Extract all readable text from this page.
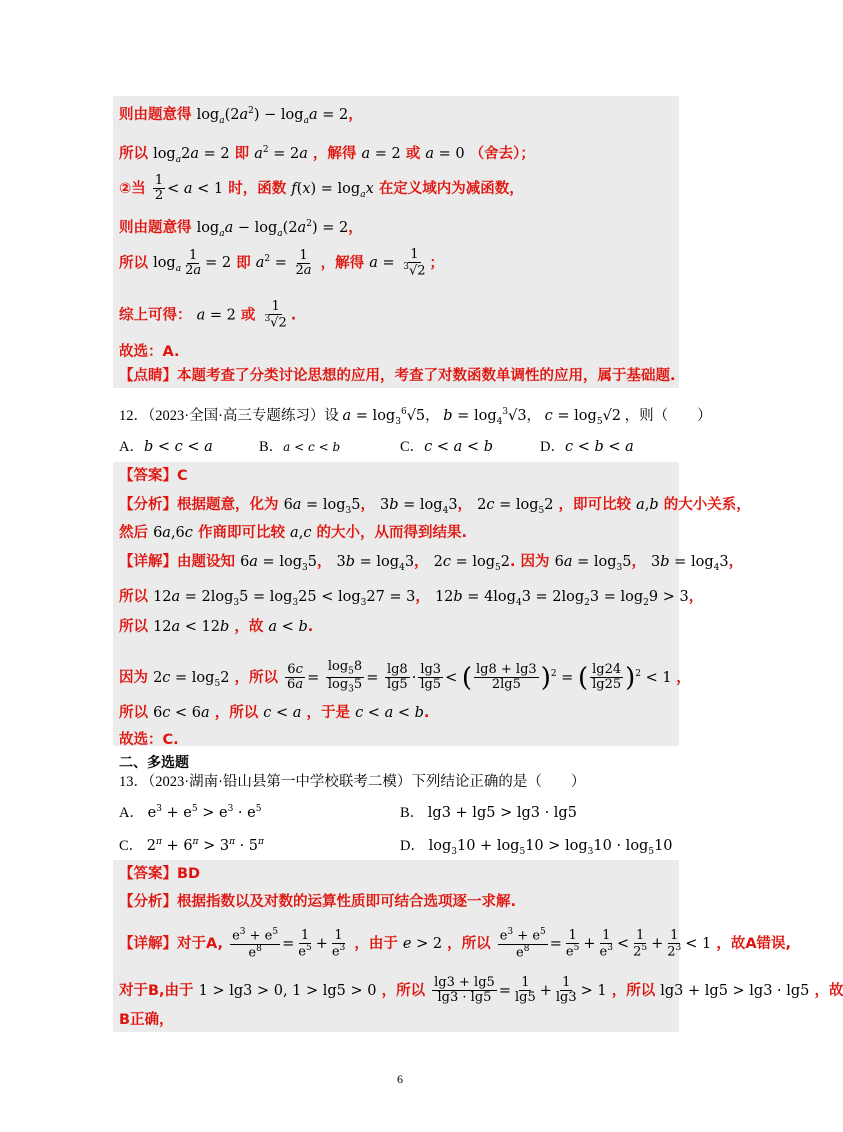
则由题意得 $\log_a(2a^2) - \log_aa = 2$，
所以 $\log_a2a = 2$ 即 $a^2 = 2a$ ，解得 a = 2 或 a = 0 （舍去）；
②当 $\frac{1}{2} < a < 1$ 时，函数 $f(x) = \log_ax$ 在定义域内为减函数，
则由题意得 $\log_aa - \log_a(2a^2) = 2$，
所以 $\log_a \frac{1}{2a} = 2$ 即 $a^2 = \frac{1}{2a}$ ，解得 $a = \frac{1}{^3√2}$ ；
综上可得： a = 2 或 $\frac{1}{^3√2}$ .
故选：A.
【点睛】本题考查了分类讨论思想的应用，考查了对数函数单调性的应用，属于基础题.
12．（2023·全国·高三专题练习）设 $a = \log_3^6√5$， $b = \log_4^3√3$， $c = \log_5√2$ ，则（　　）
A．b < c < a	B．a < c < b	C．c < a < b	D．c < b < a
【答案】C
【分析】根据题意，化为 $6a = \log_35$， $3b = \log_43$， $2c = \log_52$ ，即可比较 a,b 的大小关系，
然后 6a,6c 作商即可比较 a,c 的大小，从而得到结果.
【详解】由题设知 $6a = \log_35$， $3b = \log_43$， $2c = \log_52$. 因为 $6a = \log_35$， $3b = \log_43$，
所以 $12a = 2\log_35 = \log_325 < \log_327 = 3$， $12b = 4\log_43 = 2\log_23 = \log_29 > 3$，
所以 12a < 12b ，故 a < b.
因为 $2c = \log_52$ ，所以 $\frac{6c}{6a} = \frac{\log_58}{\log_35} = \frac{\lg 8}{\lg 5} \cdot \frac{\lg 3}{\lg 5}$ < ( $\frac{\lg 8 + \lg 3}{2\lg 5} )^2$ = ( $\frac{\lg 24}{\lg 25} )^2 < 1$ ，
所以 6c < 6a ，所以 c < a ，于是 c < a < b.
故选：C.
二、多选题
13．（2023·湖南·铅山县第一中学校联考二模）下列结论正确的是（　　）
A． $e^3 + e^5 > e^3 \cdot e^5$	B． lg3 + lg5 > lg3 · lg5
C． $2^\pi + 6^\pi > 3^\pi \cdot 5^\pi$	D． $\log_310 + \log_510 > \log_310 \cdot \log_510$
【答案】BD
【分析】根据指数以及对数的运算性质即可结合选项逐一求解.
【详解】对于A, $\frac{e^3 + e^5}{e^8} = \frac{1}{e^5} + \frac{1}{e^3}$ ，由于 e > 2 ，所以 $\frac{e^3 + e^5}{e^8} = \frac{1}{e^5} + \frac{1}{e^3} < \frac{1}{2^5} + \frac{1}{2^3} < 1$ ，故A错误,
对于B,由于 1 > lg3 > 0, 1 > lg5 > 0 ，所以 $\frac{\lg 3 + \lg 5}{\lg 3 \cdot \lg 5} = \frac{1}{\lg 5} + \frac{1}{\lg 3} > 1$ ，所以 lg3 + lg5 > lg3 · lg5 ，故
B正确，
6
